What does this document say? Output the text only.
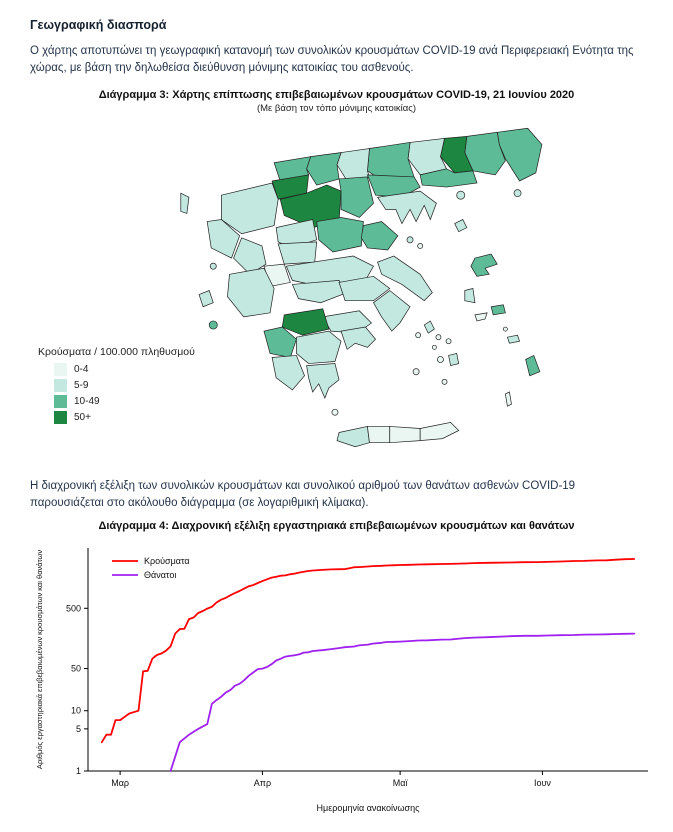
Γεωγραφική διασπορά

Ο χάρτης αποτυπώνει τη γεωγραφική κατανομή των συνολικών κρουσμάτων COVID-19 ανά Περιφερειακή Ενότητα της χώρας, με βάση την δηλωθείσα διεύθυνση μόνιμης κατοικίας του ασθενούς.

Διάγραμμα 3: Χάρτης επίπτωσης επιβεβαιωμένων κρουσμάτων COVID-19, 21 Ιουνίου 2020
(Με βάση τον τόπο μόνιμης κατοικίας)
Κρούσματα / 100.000 πληθυσμού
0-4
5-9
10-49
50+

Η διαχρονική εξέλιξη των συνολικών κρουσμάτων και συνολικού αριθμού των θανάτων ασθενών COVID-19 παρουσιάζεται στο ακόλουθο διάγραμμα (σε λογαριθμική κλίμακα).

Διάγραμμα 4: Διαχρονική εξέλιξη εργαστηριακά επιβεβαιωμένων κρουσμάτων και θανάτων
1
5
10
50
500
Μαρ	Απρ	Μαϊ	Ιουν
Ημερομηνία ανακοίνωσης
Αριθμός εργαστηριακά επιβεβαιωμένων κρουσμάτων και θανάτων	Κρούσματα
Θάνατοι
